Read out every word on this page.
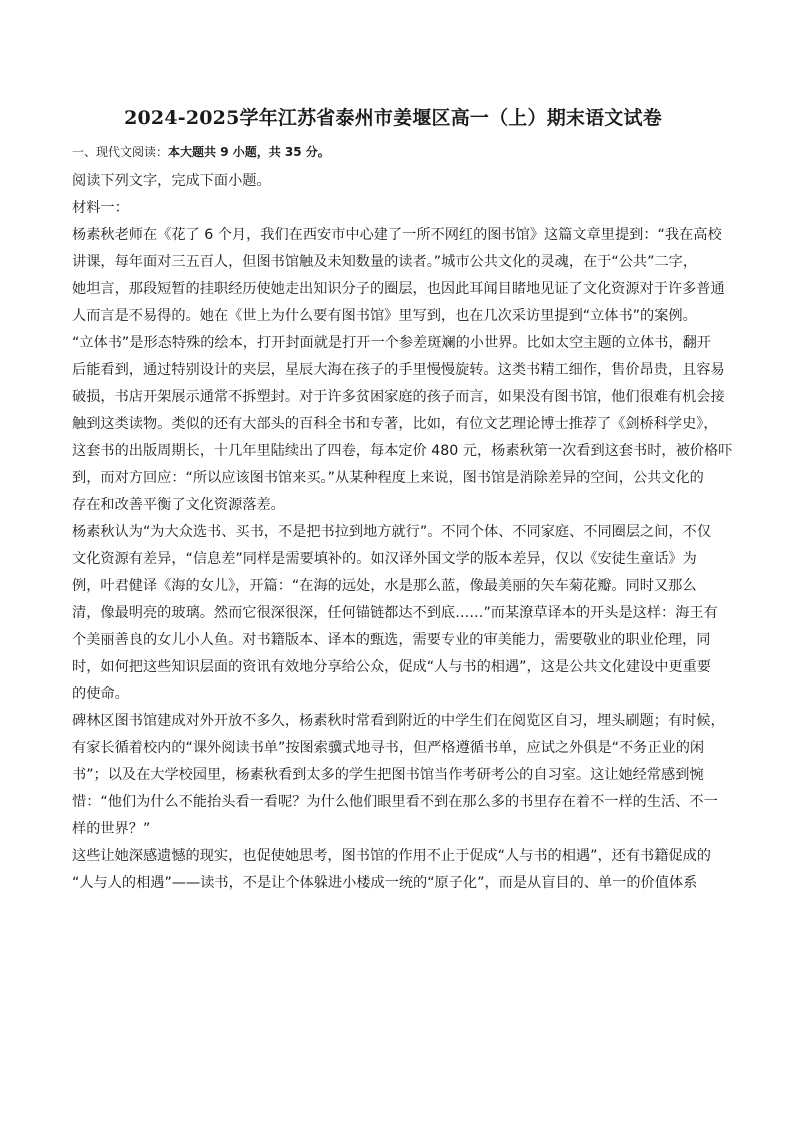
2024-2025学年江苏省泰州市姜堰区高一（上）期末语文试卷
一、现代文阅读：本大题共 9 小题，共 35 分。
阅读下列文字，完成下面小题。
材料一：
杨素秋老师在《花了 6 个月，我们在西安市中心建了一所不网红的图书馆》这篇文章里提到：“我在高校
讲课，每年面对三五百人，但图书馆触及未知数量的读者。”城市公共文化的灵魂，在于“公共”二字，
她坦言，那段短暂的挂职经历使她走出知识分子的圈层，也因此耳闻目睹地见证了文化资源对于许多普通
人而言是不易得的。她在《世上为什么要有图书馆》里写到，也在几次采访里提到“立体书”的案例。
“立体书”是形态特殊的绘本，打开封面就是打开一个参差斑斓的小世界。比如太空主题的立体书，翻开
后能看到，通过特别设计的夹层，星辰大海在孩子的手里慢慢旋转。这类书精工细作，售价昂贵，且容易
破损，书店开架展示通常不拆塑封。对于许多贫困家庭的孩子而言，如果没有图书馆，他们很难有机会接
触到这类读物。类似的还有大部头的百科全书和专著，比如，有位文艺理论博士推荐了《剑桥科学史》，
这套书的出版周期长，十几年里陆续出了四卷，每本定价 480 元，杨素秋第一次看到这套书时，被价格吓
到，而对方回应：“所以应该图书馆来买。”从某种程度上来说，图书馆是消除差异的空间，公共文化的
存在和改善平衡了文化资源落差。
杨素秋认为“为大众选书、买书，不是把书拉到地方就行”。不同个体、不同家庭、不同圈层之间，不仅
文化资源有差异，“信息差”同样是需要填补的。如汉译外国文学的版本差异，仅以《安徒生童话》为
例，叶君健译《海的女儿》，开篇：“在海的远处，水是那么蓝，像最美丽的矢车菊花瓣。同时又那么
清，像最明亮的玻璃。然而它很深很深，任何锚链都达不到底……”而某潦草译本的开头是这样：海王有
个美丽善良的女儿小人鱼。对书籍版本、译本的甄选，需要专业的审美能力，需要敬业的职业伦理，同
时，如何把这些知识层面的资讯有效地分享给公众，促成“人与书的相遇”，这是公共文化建设中更重要
的使命。
碑林区图书馆建成对外开放不多久，杨素秋时常看到附近的中学生们在阅览区自习，埋头刷题；有时候，
有家长循着校内的“课外阅读书单”按图索骥式地寻书，但严格遵循书单，应试之外俱是“不务正业的闲
书”；以及在大学校园里，杨素秋看到太多的学生把图书馆当作考研考公的自习室。这让她经常感到惋
惜：“他们为什么不能抬头看一看呢？为什么他们眼里看不到在那么多的书里存在着不一样的生活、不一
样的世界？”
这些让她深感遗憾的现实，也促使她思考，图书馆的作用不止于促成“人与书的相遇”，还有书籍促成的
“人与人的相遇”——读书，不是让个体躲进小楼成一统的“原子化”，而是从盲目的、单一的价值体系
